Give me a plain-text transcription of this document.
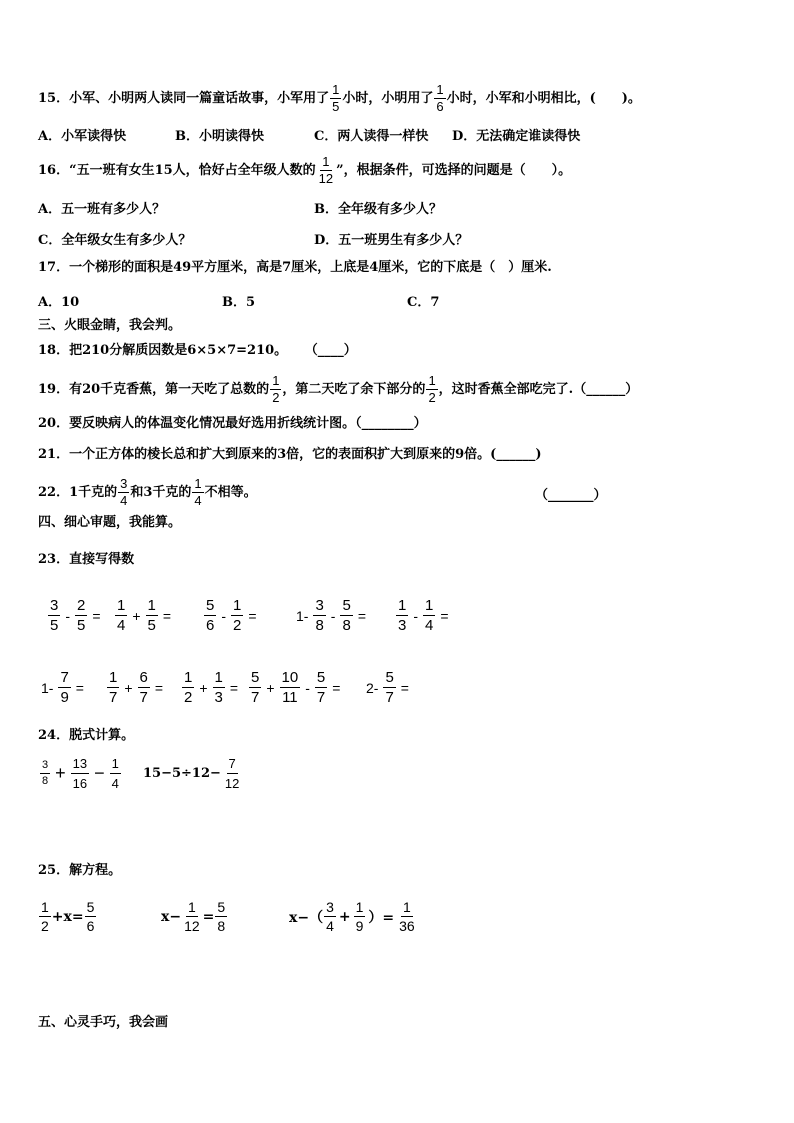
15．小军、小明两人读同一篇童话故事，小军用了 $\frac{1}{5}$ 小时，小明用了 $\frac{1}{6}$ 小时，小军和小明相比，(　　)。
A．小军读得快	B．小明读得快	C．两人读得一样快 D．无法确定谁读得快
16．“五一班有女生15人，恰好占全年级人数的 $\frac{1}{12}$ ”，根据条件，可选择的问题是（　　）。
A．五一班有多少人？	B．全年级有多少人？
C．全年级女生有多少人？	D．五一班男生有多少人？
17．一个梯形的面积是49平方厘米，高是7厘米，上底是4厘米，它的下底是（　）厘米.
A．10	B．5	C．7
三、火眼金睛，我会判。
18．把210分解质因数是6×5×7=210。 （____）
19．有20千克香蕉，第一天吃了总数的 $\frac{1}{2}$ ，第二天吃了余下部分的 $\frac{1}{2}$ ，这时香蕉全部吃完了.（______）
20．要反映病人的体温变化情况最好选用折线统计图。（________）
21．一个正方体的棱长总和扩大到原来的3倍，它的表面积扩大到原来的9倍。(______)
22．1千克的 $\frac{3}{4}$ 和3千克的 $\frac{1}{4}$ 不相等。	（_______）
四、细心审题，我能算。
23．直接写得数
$\frac{3}{5} - \frac{2}{5} = \frac{1}{4} + \frac{1}{5} = \frac{5}{6} - \frac{1}{2}$ =	$1- \frac{3}{8} - \frac{5}{8} = \frac{1}{3} - \frac{1}{4}$ =
$1- \frac{7}{9} = \frac{1}{7} + \frac{6}{7} = \frac{1}{2} + \frac{1}{3} = \frac{5}{7} + \frac{10}{11} - \frac{5}{7} = 2- \frac{5}{7}$ =
24．脱式计算。
$\frac{3}{8} + \frac{13}{16} - \frac{1}{4} 15-5\div 12- \frac{7}{12}$
25．解方程。
$\frac{1}{2} +x= \frac{5}{6}$	$x- \frac{1}{12} = \frac{5}{8}$	$x-( \frac{3}{4} + \frac{1}{9}$ ）= $\frac{1}{36}$
五、心灵手巧，我会画
